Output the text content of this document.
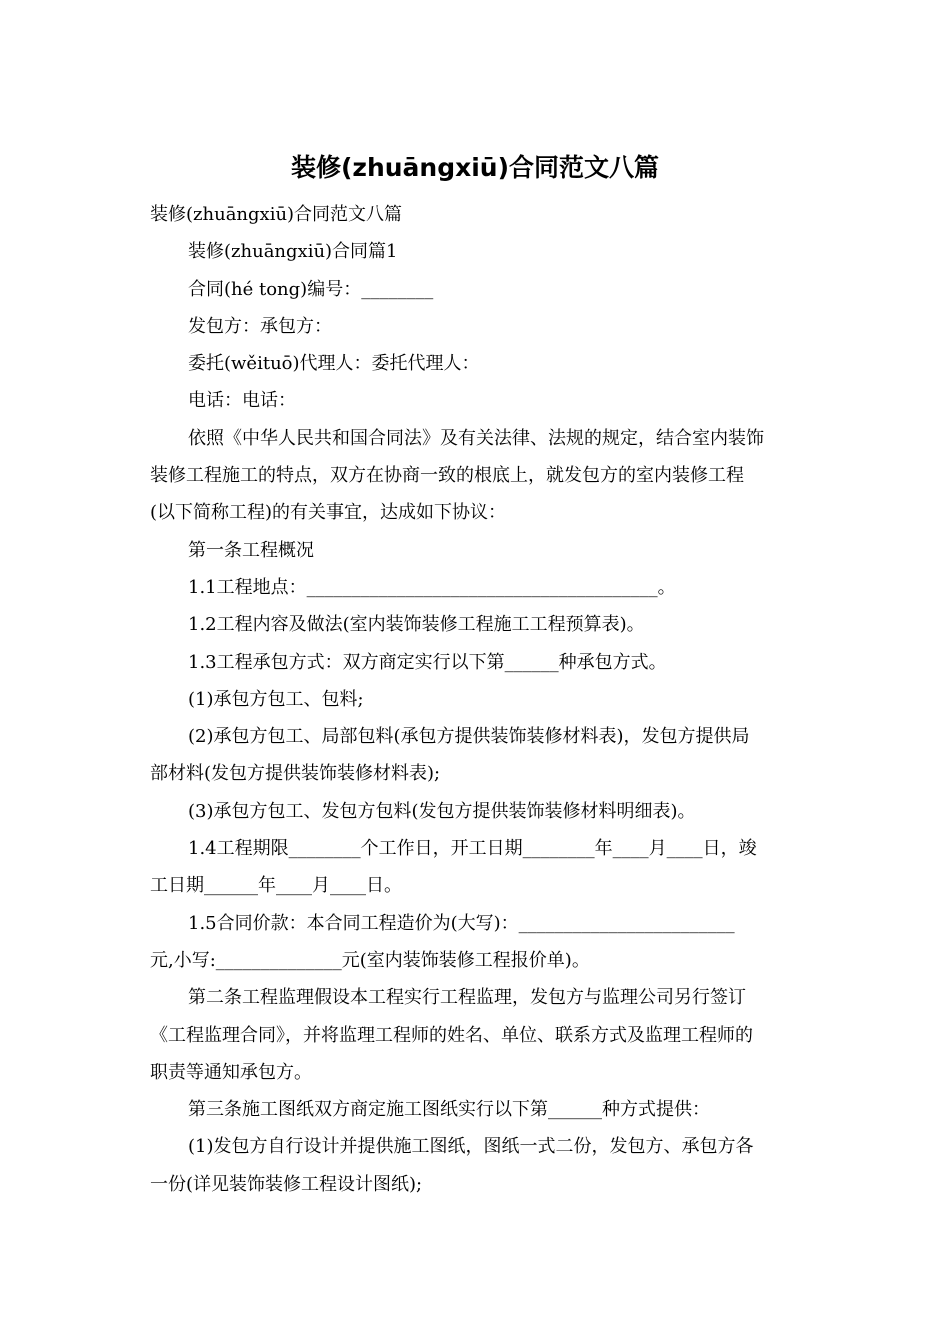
装修(zhuāngxiū)合同范文八篇

装修(zhuāngxiū)合同范文八篇

装修(zhuāngxiū)合同篇1

合同(hé tong)编号：________

发包方：承包方：

委托(wěituō)代理人：委托代理人：

电话：电话：

依照《中华人民共和国合同法》及有关法律、法规的规定，结合室内装饰

装修工程施工的特点，双方在协商一致的根底上，就发包方的室内装修工程

(以下简称工程)的有关事宜，达成如下协议：

第一条工程概况

1.1工程地点：_______________________________________。

1.2工程内容及做法(室内装饰装修工程施工工程预算表)。

1.3工程承包方式：双方商定实行以下第______种承包方式。

(1)承包方包工、包料;

(2)承包方包工、局部包料(承包方提供装饰装修材料表)，发包方提供局

部材料(发包方提供装饰装修材料表);

(3)承包方包工、发包方包料(发包方提供装饰装修材料明细表)。

1.4工程期限________个工作日，开工日期________年____月____日，竣

工日期______年____月____日。

1.5合同价款：本合同工程造价为(大写)：________________________

元,小写:______________元(室内装饰装修工程报价单)。

第二条工程监理假设本工程实行工程监理，发包方与监理公司另行签订

《工程监理合同》，并将监理工程师的姓名、单位、联系方式及监理工程师的

职责等通知承包方。

第三条施工图纸双方商定施工图纸实行以下第______种方式提供：

(1)发包方自行设计并提供施工图纸，图纸一式二份，发包方、承包方各

一份(详见装饰装修工程设计图纸);
